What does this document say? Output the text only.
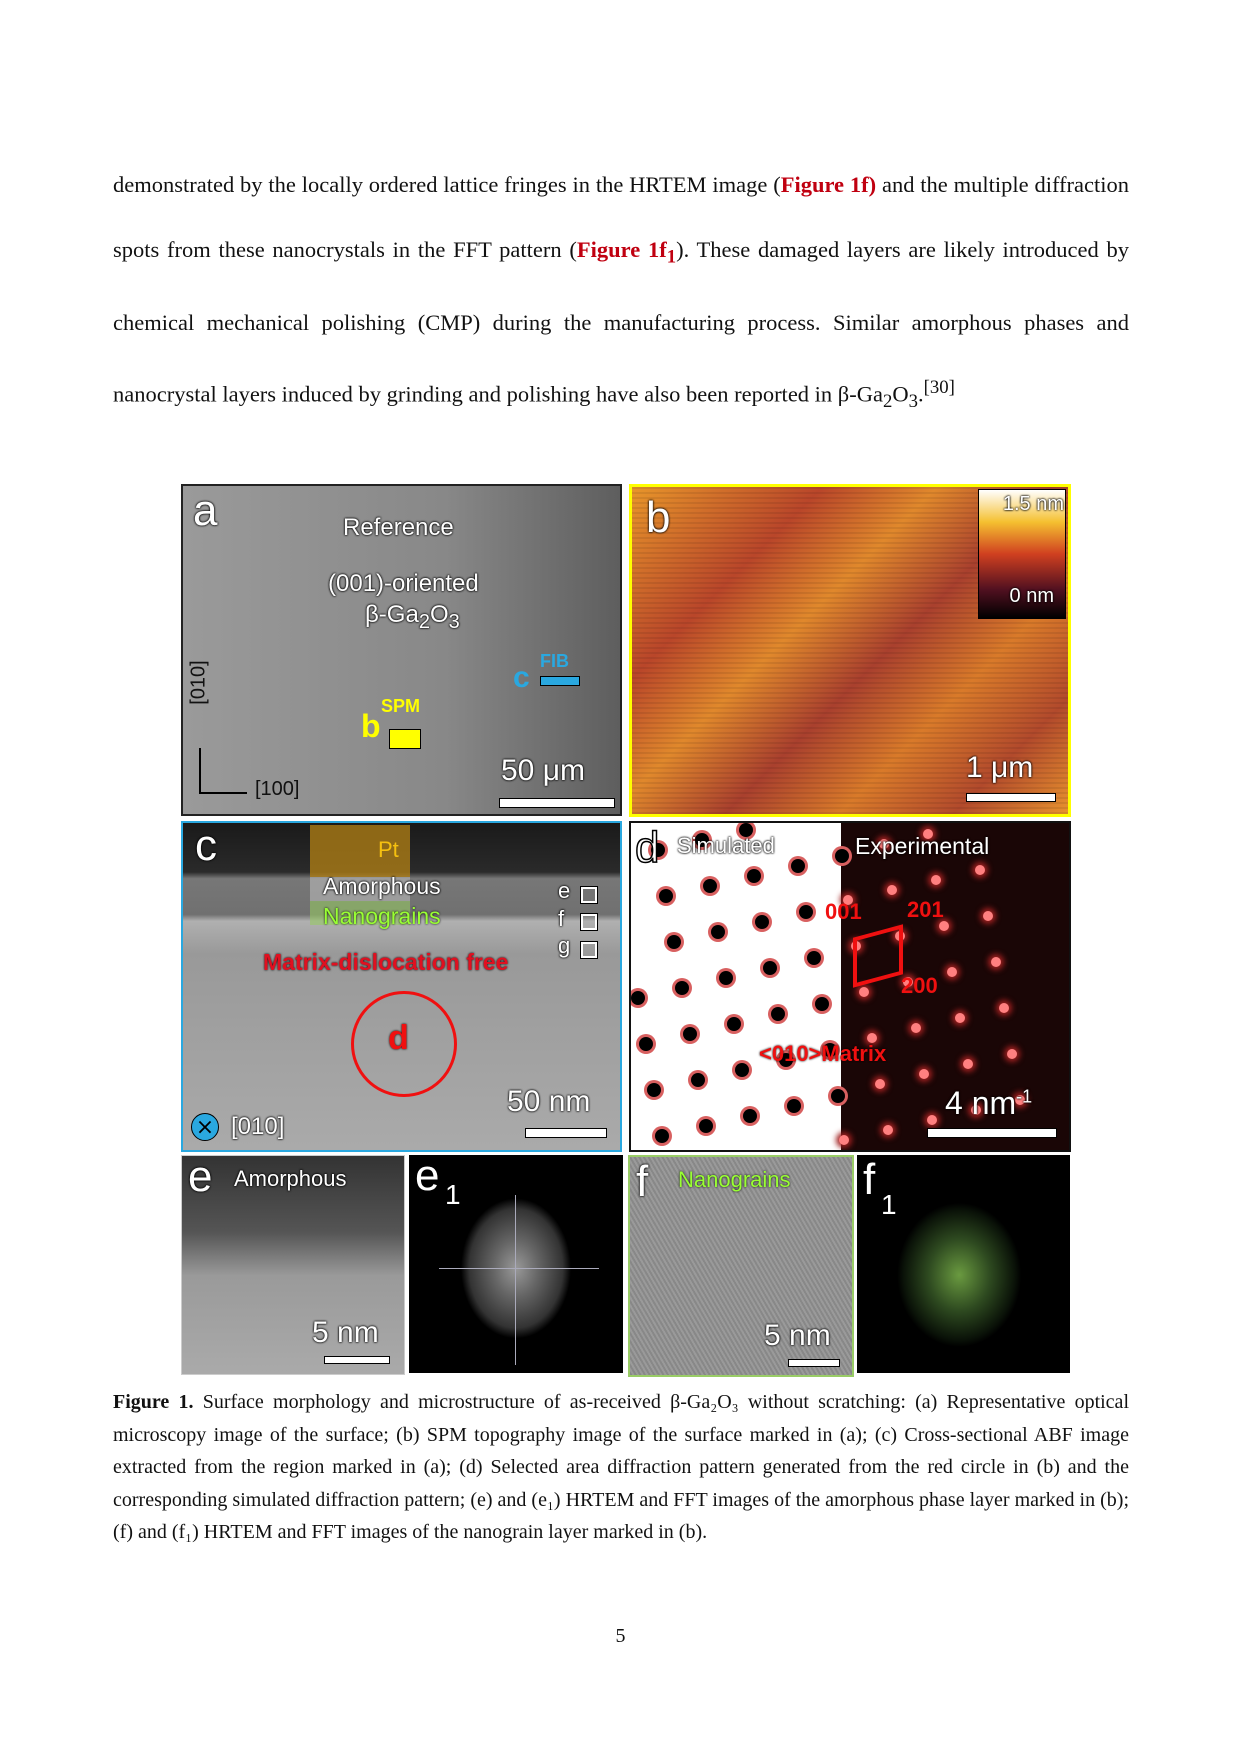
demonstrated by the locally ordered lattice fringes in the HRTEM image (Figure 1f) and the multiple diffraction spots from these nanocrystals in the FFT pattern (Figure $1f_1$). These damaged layers are likely introduced by chemical mechanical polishing (CMP) during the manufacturing process. Similar amorphous phases and nanocrystal layers induced by grinding and polishing have also been reported in $\beta-Ga_2O_3.[30]$

a	Reference
(001)-oriented
$\beta-Ga_2O_3$
FIB
c
SPM
b
[010]
[100]
50 μm
b	1.5 nm
0 nm
1 μm
c	Pt
Amorphous
Nanograins
e
f
g
Matrix-dislocation free
d
⨯ [010]
50 nm
d Simulated	Experimental
001 201
200
<010>Matrix
4 $nm^{-1}$
e Amorphous
5 nm
e 1	f Nanograins
5 nm
f
1
Figure 1. Surface morphology and microstructure of as-received β-Ga₂O₃ without scratching: (a) Representative optical microscopy image of the surface; (b) SPM topography image of the surface marked in (a); (c) Cross-sectional ABF image extracted from the region marked in (a); (d) Selected area diffraction pattern generated from the red circle in (b) and the corresponding simulated diffraction pattern; (e) and (e₁) HRTEM and FFT images of the amorphous phase layer marked in (b); (f) and (f₁) HRTEM and FFT images of the nanograin layer marked in (b).
5
